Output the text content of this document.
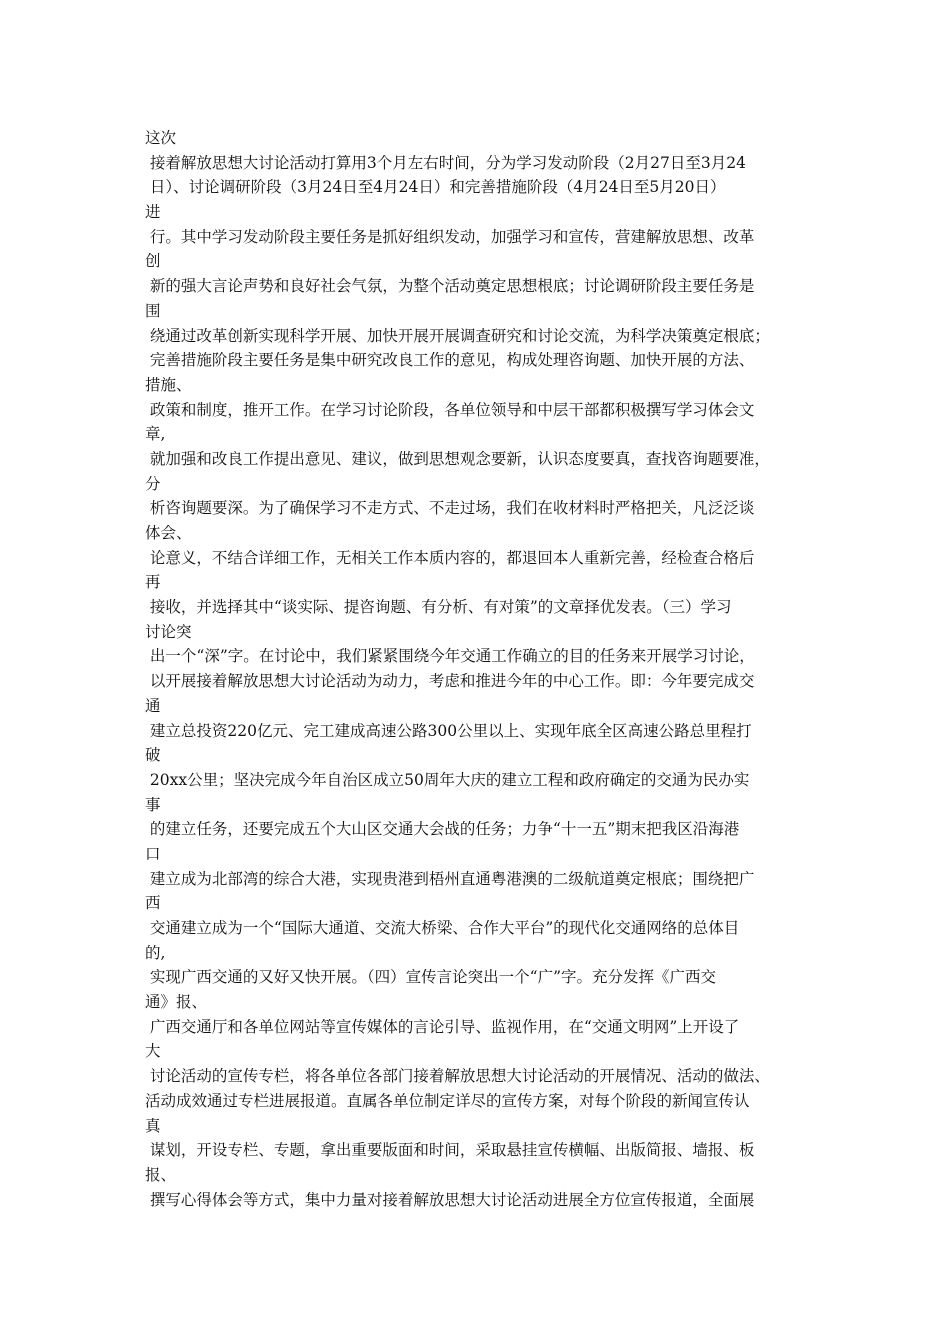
这次
接着解放思想大讨论活动打算用3个月左右时间，分为学习发动阶段（2月27日至3月24
日）、讨论调研阶段（3月24日至4月24日）和完善措施阶段（4月24日至5月20日）
进
行。其中学习发动阶段主要任务是抓好组织发动，加强学习和宣传，营建解放思想、改革
创
新的强大言论声势和良好社会气氛，为整个活动奠定思想根底；讨论调研阶段主要任务是
围
绕通过改革创新实现科学开展、加快开展开展调查研究和讨论交流，为科学决策奠定根底；
完善措施阶段主要任务是集中研究改良工作的意见，构成处理咨询题、加快开展的方法、
措施、
政策和制度，推开工作。在学习讨论阶段，各单位领导和中层干部都积极撰写学习体会文
章,
就加强和改良工作提出意见、建议，做到思想观念要新，认识态度要真，查找咨询题要准，
分
析咨询题要深。为了确保学习不走方式、不走过场，我们在收材料时严格把关，凡泛泛谈
体会、
论意义，不结合详细工作，无相关工作本质内容的，都退回本人重新完善，经检查合格后
再
接收，并选择其中“谈实际、提咨询题、有分析、有对策”的文章择优发表。（三）学习
讨论突
出一个“深”字。在讨论中，我们紧紧围绕今年交通工作确立的目的任务来开展学习讨论，
以开展接着解放思想大讨论活动为动力，考虑和推进今年的中心工作。即：今年要完成交
通
建立总投资220亿元、完工建成高速公路300公里以上、实现年底全区高速公路总里程打
破
20xx公里；坚决完成今年自治区成立50周年大庆的建立工程和政府确定的交通为民办实
事
的建立任务，还要完成五个大山区交通大会战的任务；力争“十一五”期末把我区沿海港
口
建立成为北部湾的综合大港，实现贵港到梧州直通粤港澳的二级航道奠定根底；围绕把广
西
交通建立成为一个“国际大通道、交流大桥梁、合作大平台”的现代化交通网络的总体目
的,
实现广西交通的又好又快开展。（四）宣传言论突出一个“广”字。充分发挥《广西交
通》报、
广西交通厅和各单位网站等宣传媒体的言论引导、监视作用，在“交通文明网”上开设了
大
讨论活动的宣传专栏，将各单位各部门接着解放思想大讨论活动的开展情况、活动的做法、
活动成效通过专栏进展报道。直属各单位制定详尽的宣传方案，对每个阶段的新闻宣传认
真
谋划，开设专栏、专题，拿出重要版面和时间，采取悬挂宣传横幅、出版简报、墙报、板
报、
撰写心得体会等方式，集中力量对接着解放思想大讨论活动进展全方位宣传报道，全面展
